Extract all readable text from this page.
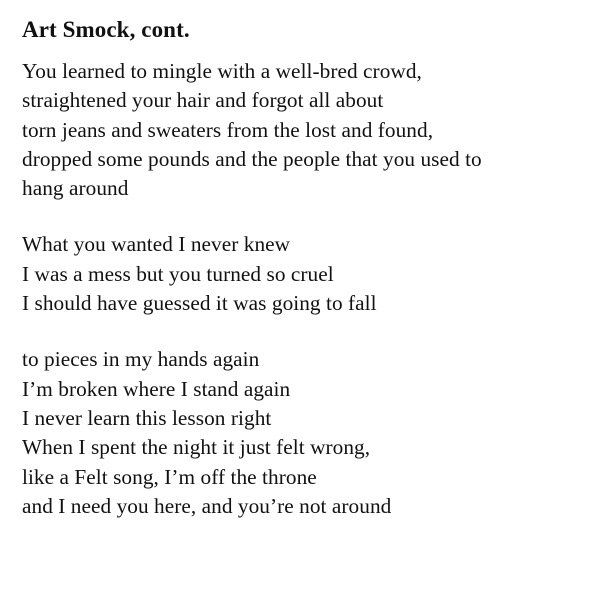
Art Smock, cont.
You learned to mingle with a well-bred crowd,
straightened your hair and forgot all about
torn jeans and sweaters from the lost and found,
dropped some pounds and the people that you used to
hang around
What you wanted I never knew
I was a mess but you turned so cruel
I should have guessed it was going to fall
to pieces in my hands again
I’m broken where I stand again
I never learn this lesson right
When I spent the night it just felt wrong,
like a Felt song, I’m off the throne
and I need you here, and you’re not around
